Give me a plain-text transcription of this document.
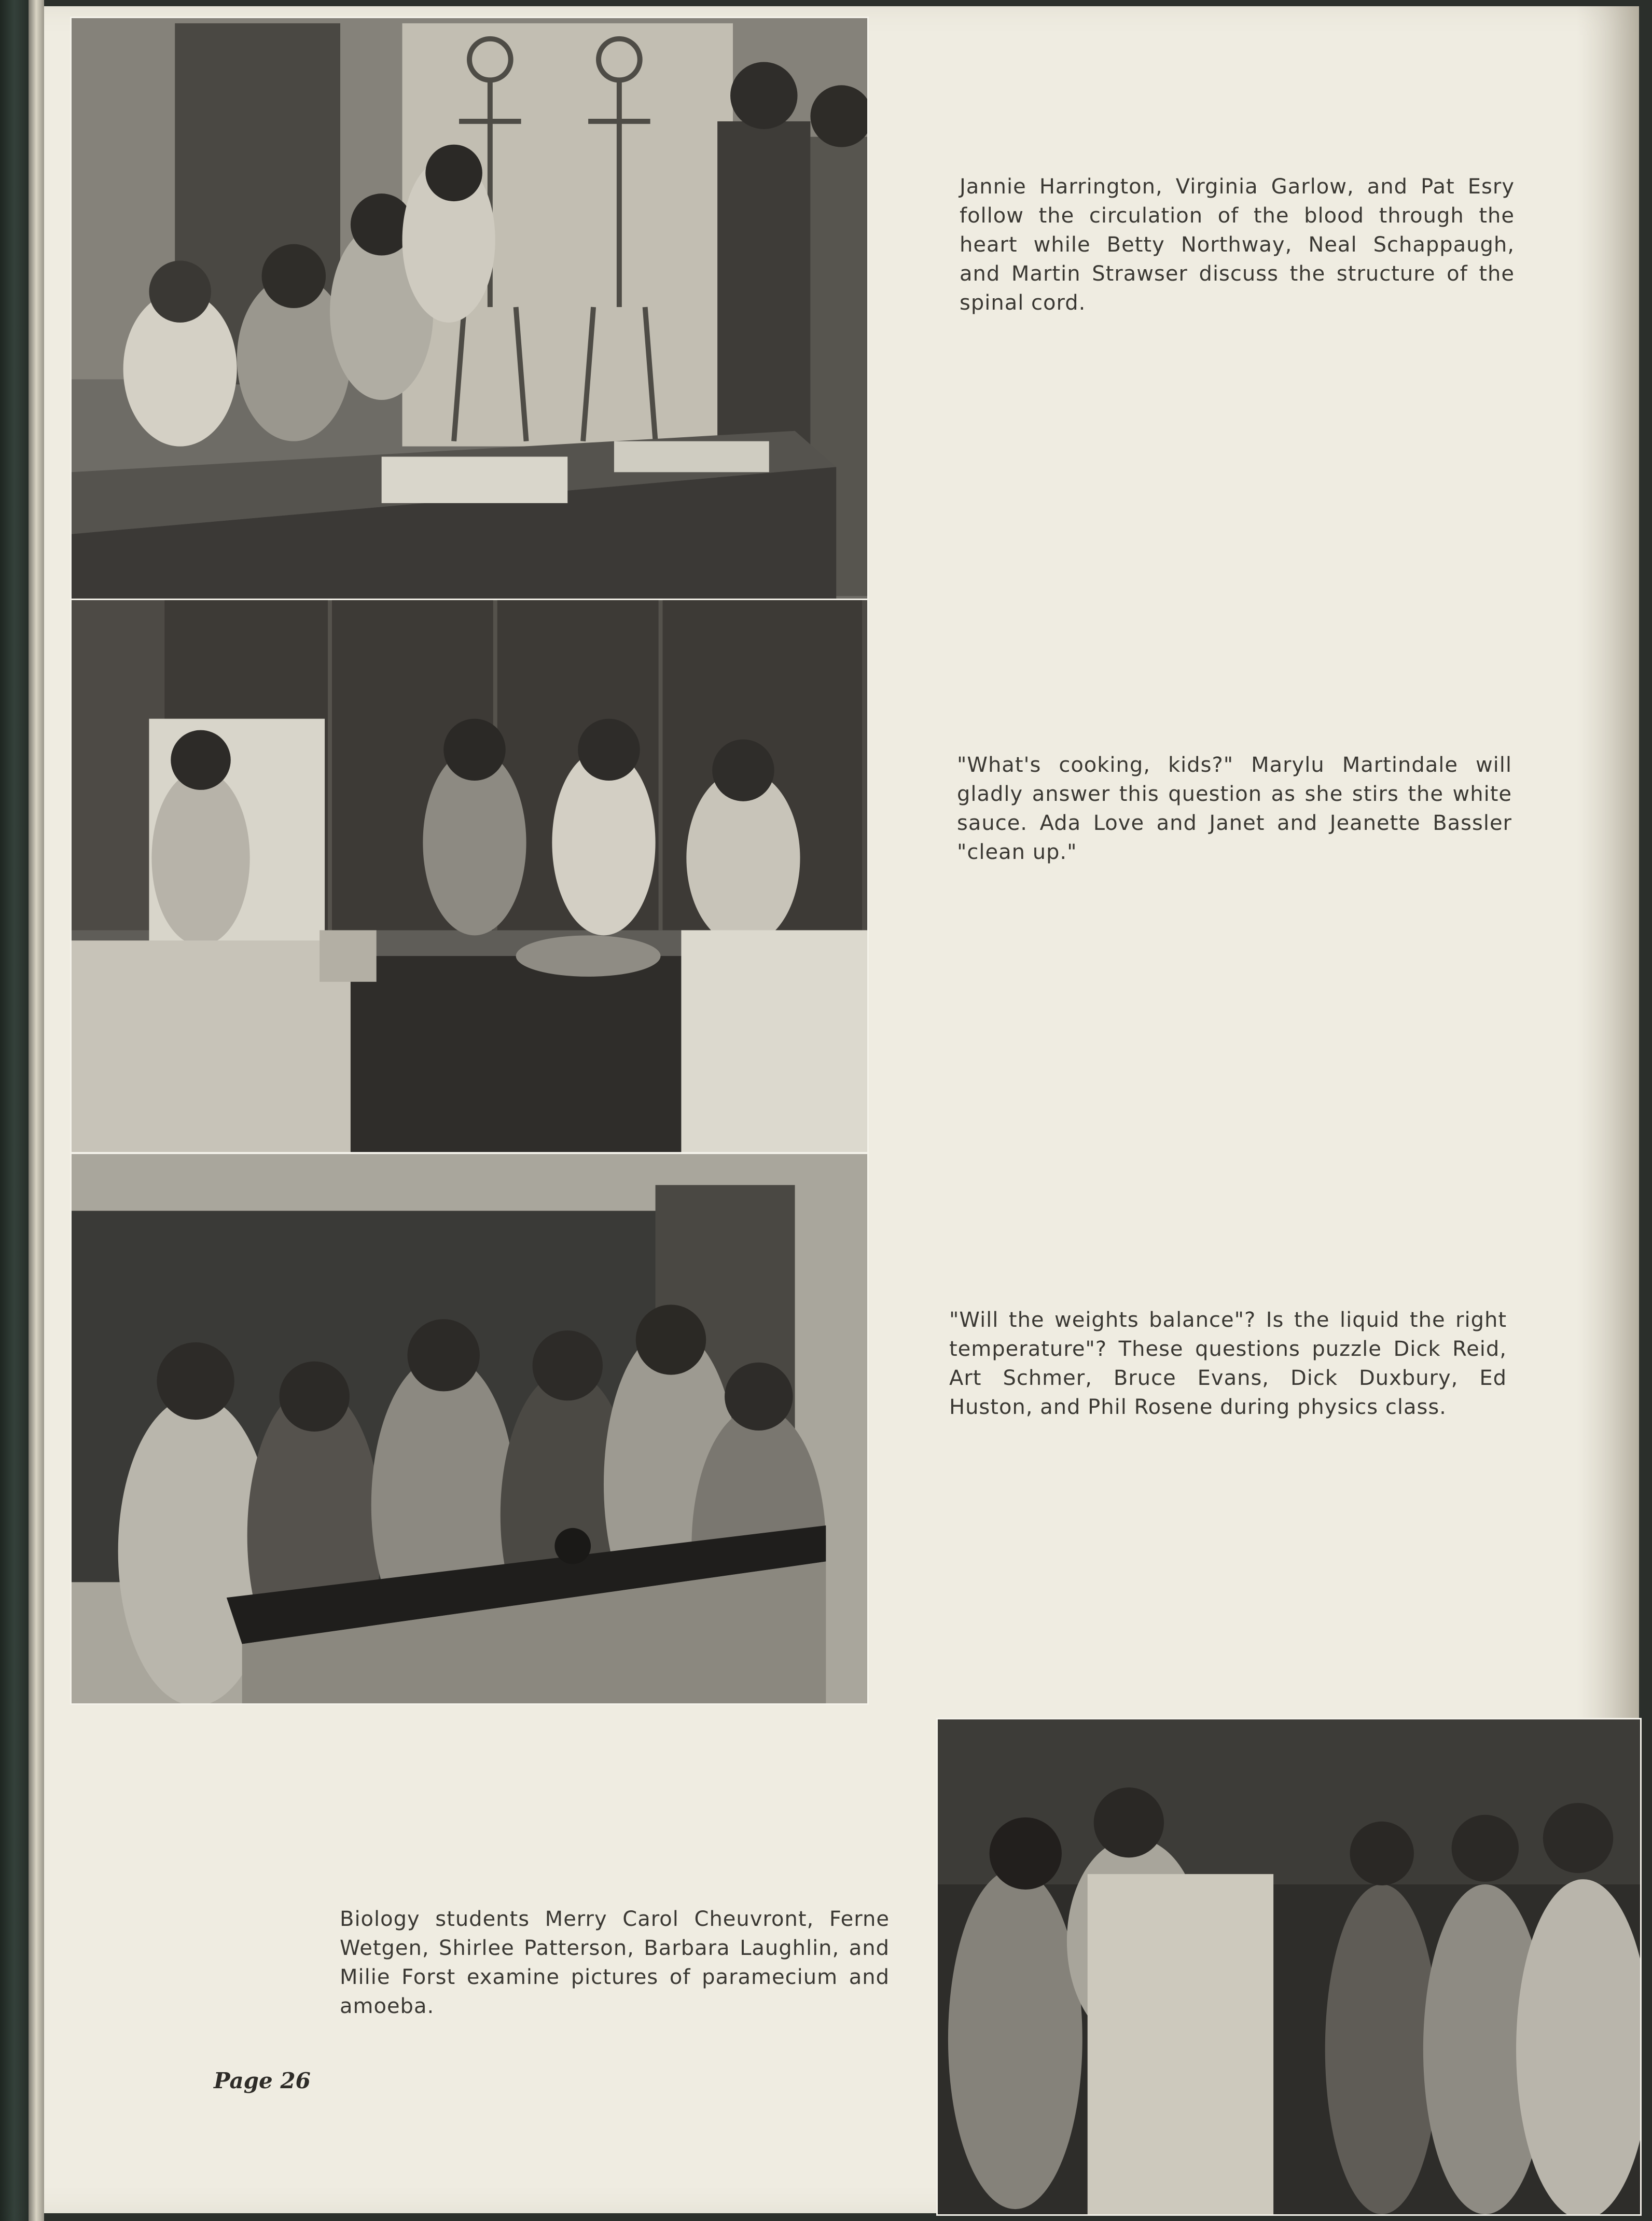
Jannie Harrington, Virginia Garlow, and Pat Esry follow the circulation of the blood through the heart while Betty Northway, Neal Schappaugh, and Martin Strawser discuss the structure of the spinal cord.

"What's cooking, kids?" Marylu Martindale will gladly answer this question as she stirs the white sauce. Ada Love and Janet and Jeanette Bassler "clean up."

"Will the weights balance"? Is the liquid the right temperature"? These questions puzzle Dick Reid, Art Schmer, Bruce Evans, Dick Duxbury, Ed Huston, and Phil Rosene during physics class.

Biology students Merry Carol Cheuvront, Ferne Wetgen, Shirlee Patterson, Barbara Laughlin, and Milie Forst examine pictures of paramecium and amoeba.

Page 26
